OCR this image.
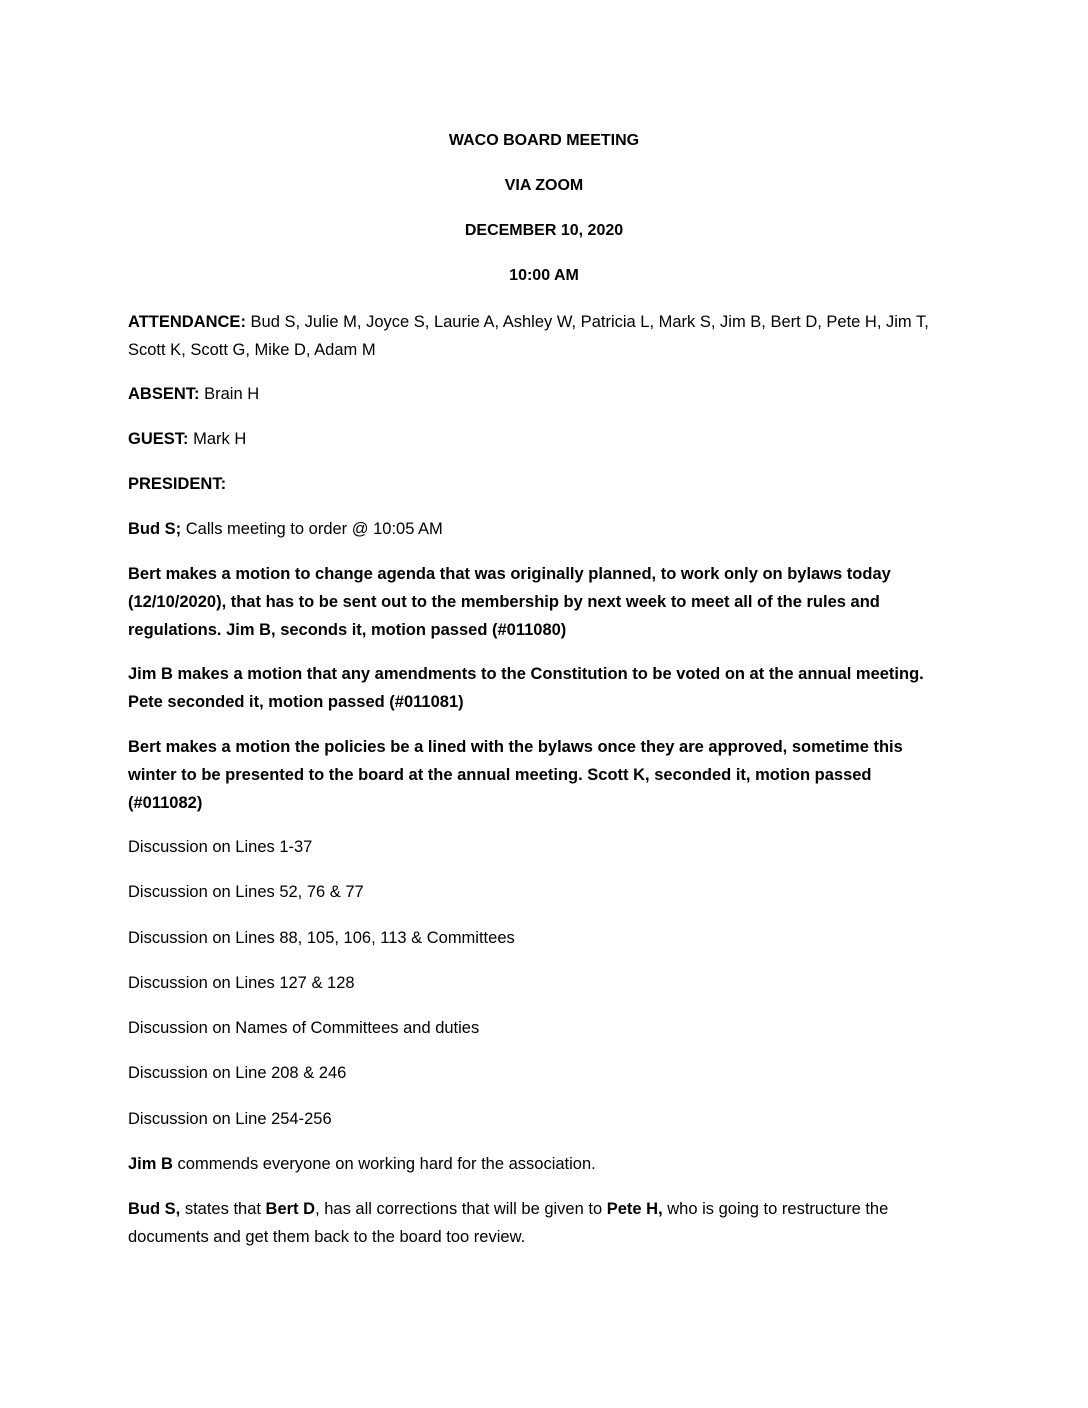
WACO BOARD MEETING
VIA ZOOM
DECEMBER 10, 2020
10:00 AM
ATTENDANCE: Bud S, Julie M, Joyce S, Laurie A, Ashley W, Patricia L, Mark S, Jim B, Bert D, Pete H, Jim T,
Scott K, Scott G, Mike D, Adam M
ABSENT: Brain H
GUEST: Mark H
PRESIDENT:
Bud S; Calls meeting to order @ 10:05 AM
Bert makes a motion to change agenda that was originally planned, to work only on bylaws today
(12/10/2020), that has to be sent out to the membership by next week to meet all of the rules and
regulations. Jim B, seconds it, motion passed (#011080)
Jim B makes a motion that any amendments to the Constitution to be voted on at the annual meeting.
Pete seconded it, motion passed (#011081)
Bert makes a motion the policies be a lined with the bylaws once they are approved, sometime this
winter to be presented to the board at the annual meeting. Scott K, seconded it, motion passed
(#011082)
Discussion on Lines 1-37
Discussion on Lines 52, 76 & 77
Discussion on Lines 88, 105, 106, 113 & Committees
Discussion on Lines 127 & 128
Discussion on Names of Committees and duties
Discussion on Line 208 & 246
Discussion on Line 254-256
Jim B commends everyone on working hard for the association.
Bud S, states that Bert D, has all corrections that will be given to Pete H, who is going to restructure the
documents and get them back to the board too review.
